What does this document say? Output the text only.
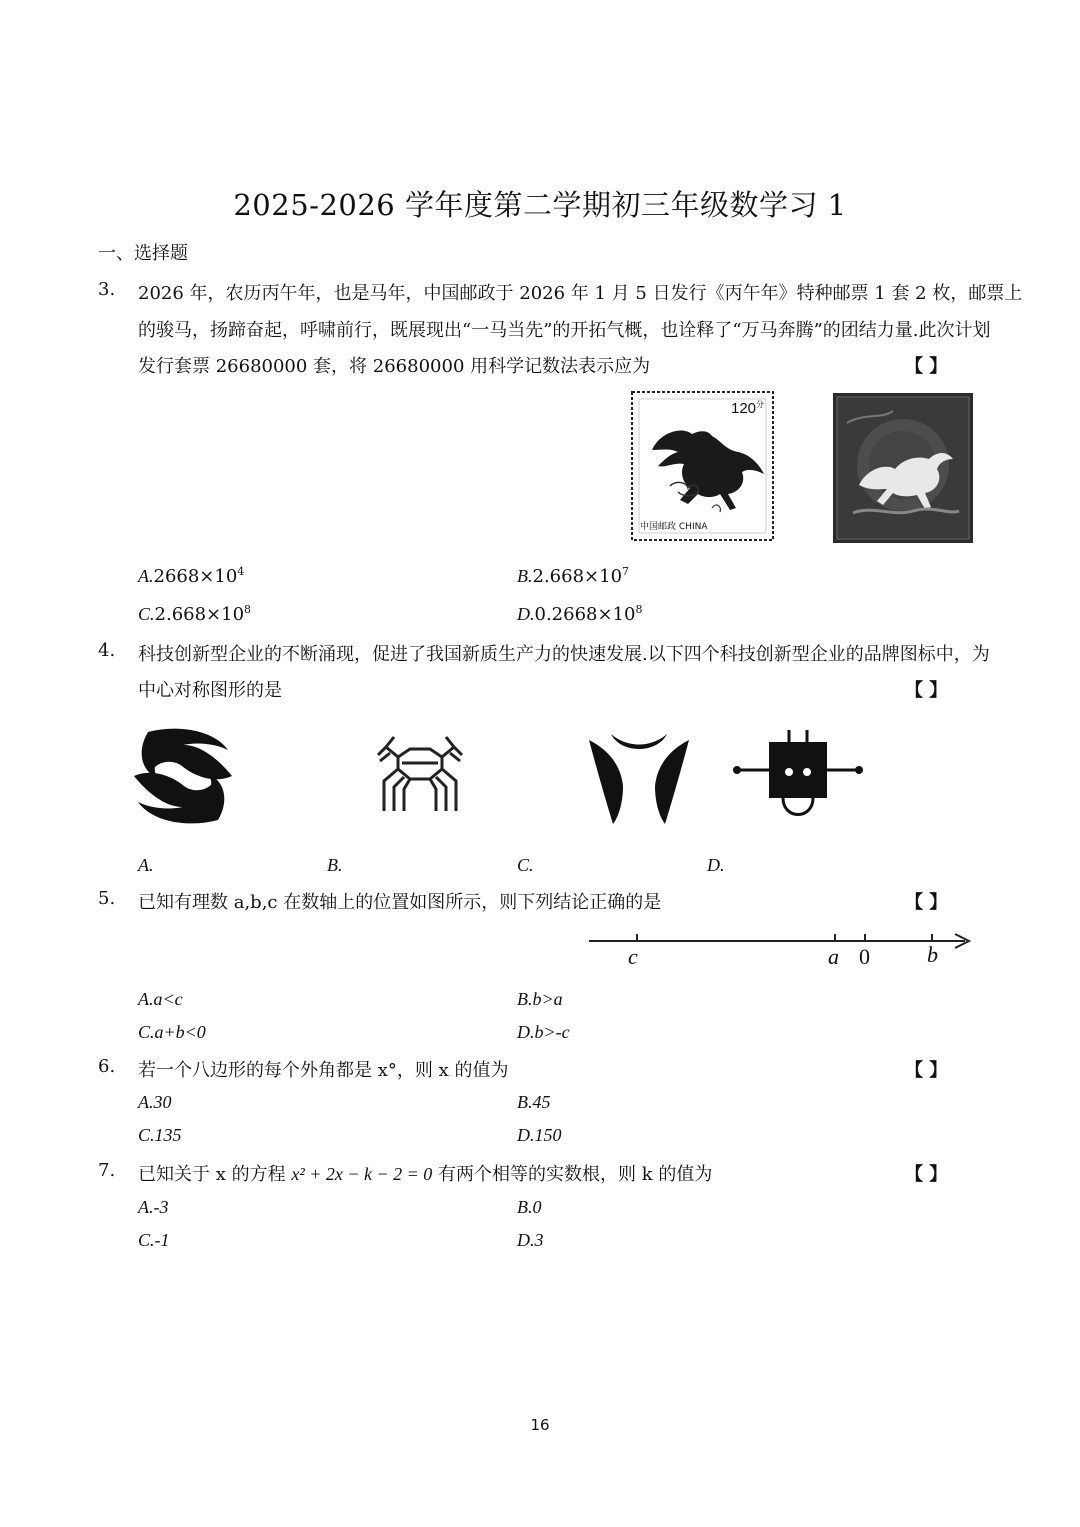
2025-2026 学年度第二学期初三年级数学习 1
一、选择题
3. 2026 年，农历丙午年，也是马年，中国邮政于 2026 年 1 月 5 日发行《丙午年》特种邮票 1 套 2 枚，邮票上
的骏马，扬蹄奋起，呼啸前行，既展现出“一马当先”的开拓气概，也诠释了“万马奔腾”的团结力量.此次计划
发行套票 26680000 套，将 26680000 用科学记数法表示应为	【 】
$120^分$
中国邮政 CHINA
$A.2668\times 10^4$	$B.2.668\times 10^7$
$C.2.668\times 10^8$	$D.0.2668\times 10^8$
4. 科技创新型企业的不断涌现，促进了我国新质生产力的快速发展.以下四个科技创新型企业的品牌图标中，为
中心对称图形的是	【 】
A.	B.	C.	D.
5. 已知有理数 a,b,c 在数轴上的位置如图所示，则下列结论正确的是	【 】
c	a 0	b
A.a<c	B.b>a
C.a+b<0	D.b>-c
6. 若一个八边形的每个外角都是 x°，则 x 的值为	【 】
A.30	B.45
C.135	D.150
7. 已知关于 x 的方程 x² + 2x − k − 2 = 0 有两个相等的实数根，则 k 的值为	【 】
A.-3	B.0
C.-1	D.3
16
